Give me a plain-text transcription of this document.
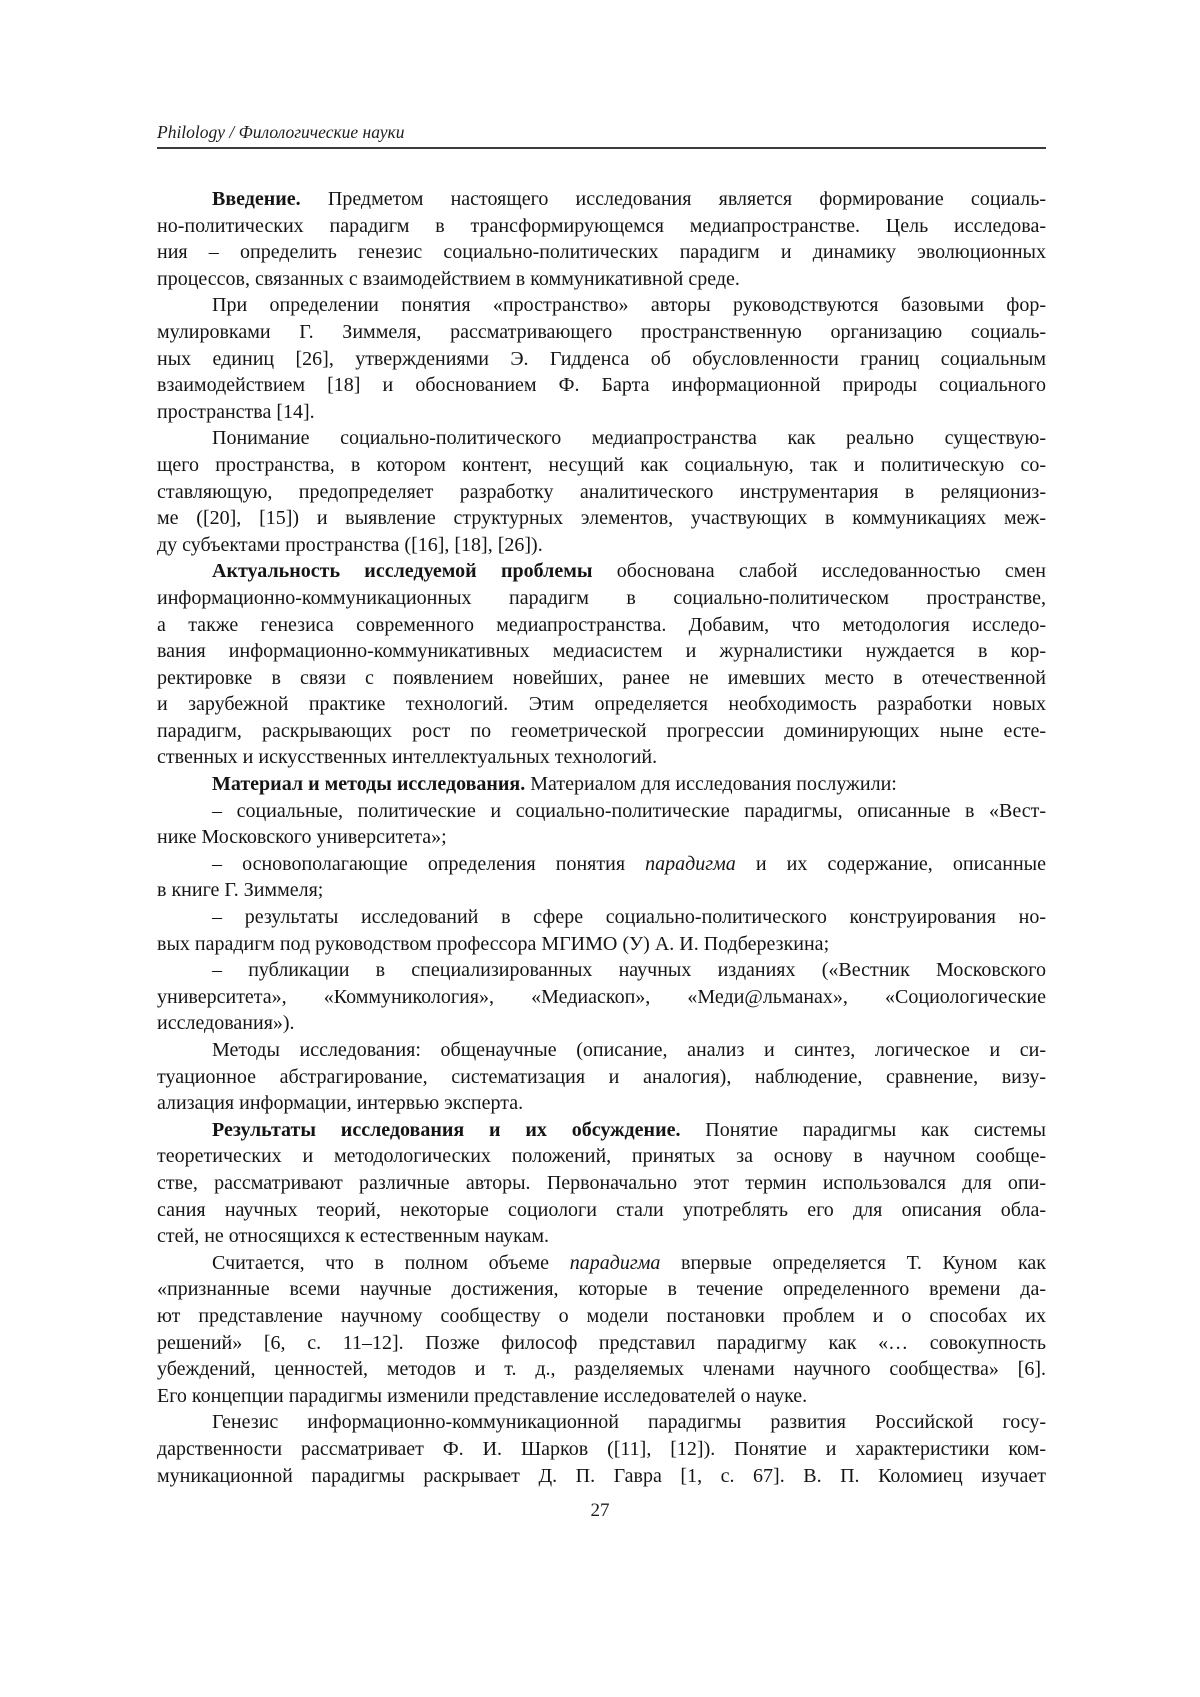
Philology / Филологические науки
Введение. Предметом настоящего исследования является формирование социаль-
но-политических парадигм в трансформирующемся медиапространстве. Цель исследова-
ния – определить генезис социально-политических парадигм и динамику эволюционных
процессов, связанных с взаимодействием в коммуникативной среде.
При определении понятия «пространство» авторы руководствуются базовыми фор-
мулировками Г. Зиммеля, рассматривающего пространственную организацию социаль-
ных единиц [26], утверждениями Э. Гидденса об обусловленности границ социальным
взаимодействием [18] и обоснованием Ф. Барта информационной природы социального
пространства [14].
Понимание социально-политического медиапространства как реально существую-
щего пространства, в котором контент, несущий как социальную, так и политическую со-
ставляющую, предопределяет разработку аналитического инструментария в реляциониз-
ме ([20], [15]) и выявление структурных элементов, участвующих в коммуникациях меж-
ду субъектами пространства ([16], [18], [26]).
Актуальность исследуемой проблемы обоснована слабой исследованностью смен
информационно-коммуникационных парадигм в социально-политическом пространстве,
а также генезиса современного медиапространства. Добавим, что методология исследо-
вания информационно-коммуникативных медиасистем и журналистики нуждается в кор-
ректировке в связи с появлением новейших, ранее не имевших место в отечественной
и зарубежной практике технологий. Этим определяется необходимость разработки новых
парадигм, раскрывающих рост по геометрической прогрессии доминирующих ныне есте-
ственных и искусственных интеллектуальных технологий.
Материал и методы исследования. Материалом для исследования послужили:
– социальные, политические и социально-политические парадигмы, описанные в «Вест-
нике Московского университета»;
– основополагающие определения понятия парадигма и их содержание, описанные
в книге Г. Зиммеля;
– результаты исследований в сфере социально-политического конструирования но-
вых парадигм под руководством профессора МГИМО (У) А. И. Подберезкина;
– публикации в специализированных научных изданиях («Вестник Московского
университета», «Коммуникология», «Медиаскоп», «Меди@льманах», «Социологические
исследования»).
Методы исследования: общенаучные (описание, анализ и синтез, логическое и си-
туационное абстрагирование, систематизация и аналогия), наблюдение, сравнение, визу-
ализация информации, интервью эксперта.
Результаты исследования и их обсуждение. Понятие парадигмы как системы
теоретических и методологических положений, принятых за основу в научном сообще-
стве, рассматривают различные авторы. Первоначально этот термин использовался для опи-
сания научных теорий, некоторые социологи стали употреблять его для описания обла-
стей, не относящихся к естественным наукам.
Считается, что в полном объеме парадигма впервые определяется Т. Куном как
«признанные всеми научные достижения, которые в течение определенного времени да-
ют представление научному сообществу о модели постановки проблем и о способах их
решений» [6, с. 11–12]. Позже философ представил парадигму как «… совокупность
убеждений, ценностей, методов и т. д., разделяемых членами научного сообщества» [6].
Его концепции парадигмы изменили представление исследователей о науке.
Генезис информационно-коммуникационной парадигмы развития Российской госу-
дарственности рассматривает Ф. И. Шарков ([11], [12]). Понятие и характеристики ком-
муникационной парадигмы раскрывает Д. П. Гавра [1, с. 67]. В. П. Коломиец изучает
27
